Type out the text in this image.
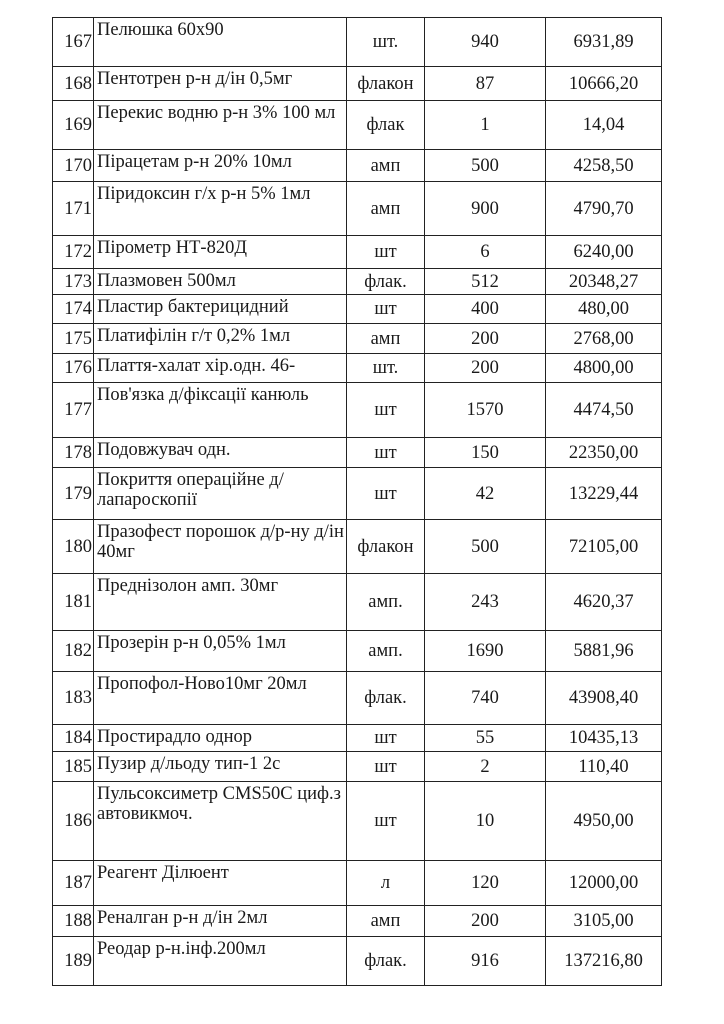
167	Пелюшка 60х90	шт.	940	6931,89
168	Пентотрен р-н д/ін 0,5мг	флакон	87	10666,20
169	Перекис водню р-н 3% 100 мл	флак	1	14,04
170	Пірацетам р-н 20% 10мл	амп	500	4258,50
171	Піридоксин г/х р-н 5% 1мл	амп	900	4790,70
172	Пірометр НТ-820Д	шт	6	6240,00
173	Плазмовен 500мл	флак.	512	20348,27
174	Пластир бактерицидний	шт	400	480,00
175	Платифілін г/т 0,2% 1мл	амп	200	2768,00
176	Плаття-халат хір.одн. 46-	шт.	200	4800,00
177	Пов'язка д/фіксації канюль	шт	1570	4474,50
178	Подовжувач одн.	шт	150	22350,00
179	Покриття операційне д/лапароскопії	шт	42	13229,44
180	Празофест порошок д/р-ну д/ін 40мг	флакон	500	72105,00
181	Преднізолон амп. 30мг	амп.	243	4620,37
182	Прозерін р-н 0,05% 1мл	амп.	1690	5881,96
183	Пропофол-Ново10мг 20мл	флак.	740	43908,40
184	Простирадло однор	шт	55	10435,13
185	Пузир д/льоду тип-1 2с	шт	2	110,40
186	Пульсоксиметр CMS50C циф.з автовикмоч.	шт	10	4950,00
187	Реагент Ділюент	л	120	12000,00
188	Реналган р-н д/ін 2мл	амп	200	3105,00
189	Реодар р-н.інф.200мл	флак.	916	137216,80
